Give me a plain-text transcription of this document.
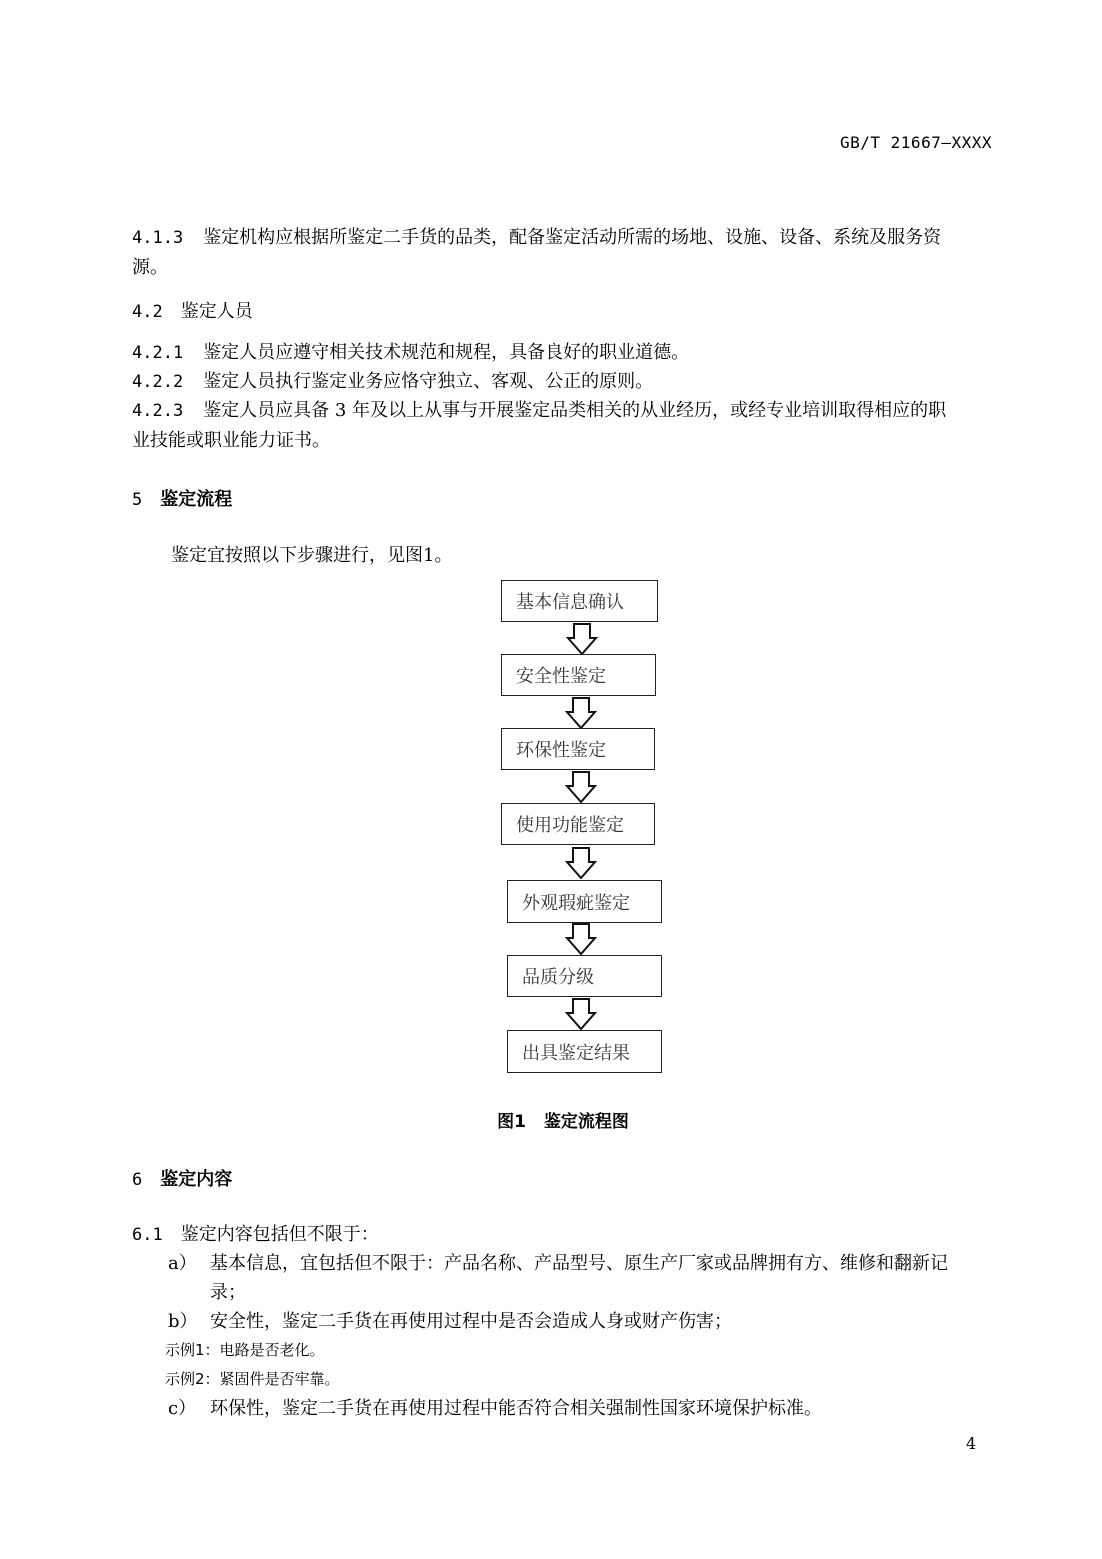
GB/T 21667—XXXX
4.1.3 鉴定机构应根据所鉴定二手货的品类，配备鉴定活动所需的场地、设施、设备、系统及服务资
源。
4.2 鉴定人员
4.2.1 鉴定人员应遵守相关技术规范和规程，具备良好的职业道德。
4.2.2 鉴定人员执行鉴定业务应恪守独立、客观、公正的原则。
4.2.3 鉴定人员应具备 3 年及以上从事与开展鉴定品类相关的从业经历，或经专业培训取得相应的职
业技能或职业能力证书。
5 鉴定流程
鉴定宜按照以下步骤进行，见图1。
基本信息确认
安全性鉴定
环保性鉴定
使用功能鉴定
外观瑕疵鉴定
品质分级
出具鉴定结果
图1 鉴定流程图
6 鉴定内容
6.1 鉴定内容包括但不限于：
a） 基本信息，宜包括但不限于：产品名称、产品型号、原生产厂家或品牌拥有方、维修和翻新记
录；
b） 安全性，鉴定二手货在再使用过程中是否会造成人身或财产伤害；
示例1：电路是否老化。
示例2：紧固件是否牢靠。
c） 环保性，鉴定二手货在再使用过程中能否符合相关强制性国家环境保护标准。
4
